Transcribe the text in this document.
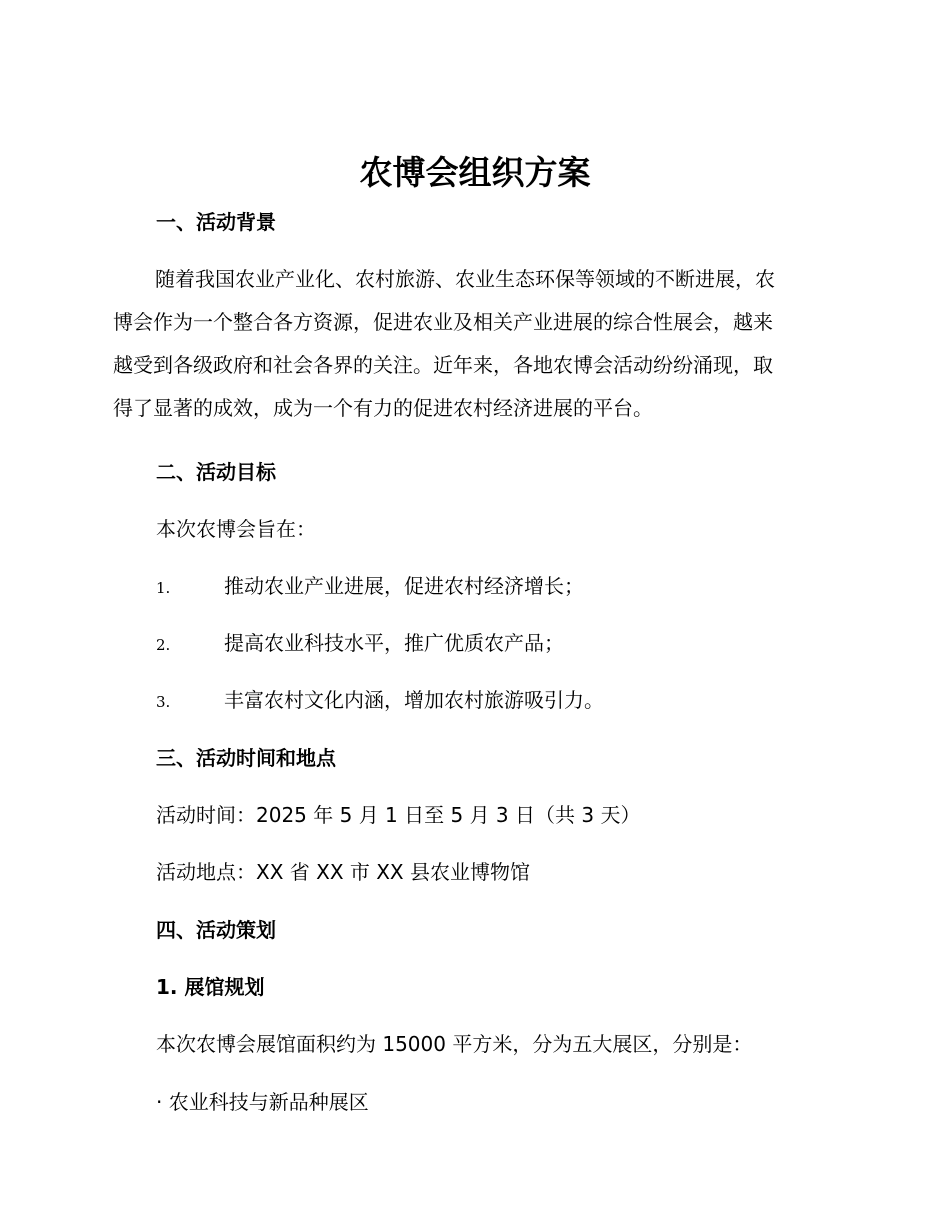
农博会组织方案
一、活动背景
随着我国农业产业化、农村旅游、农业生态环保等领域的不断进展，农
博会作为一个整合各方资源，促进农业及相关产业进展的综合性展会，越来
越受到各级政府和社会各界的关注。近年来，各地农博会活动纷纷涌现，取
得了显著的成效，成为一个有力的促进农村经济进展的平台。
二、活动目标
本次农博会旨在：
1.	推动农业产业进展，促进农村经济增长；
2.	提高农业科技水平，推广优质农产品；
3.	丰富农村文化内涵，增加农村旅游吸引力。
三、活动时间和地点
活动时间：2025 年 5 月 1 日至 5 月 3 日（共 3 天）
活动地点：XX 省 XX 市 XX 县农业博物馆
四、活动策划
1. 展馆规划
本次农博会展馆面积约为 15000 平方米，分为五大展区，分别是：
· 农业科技与新品种展区
